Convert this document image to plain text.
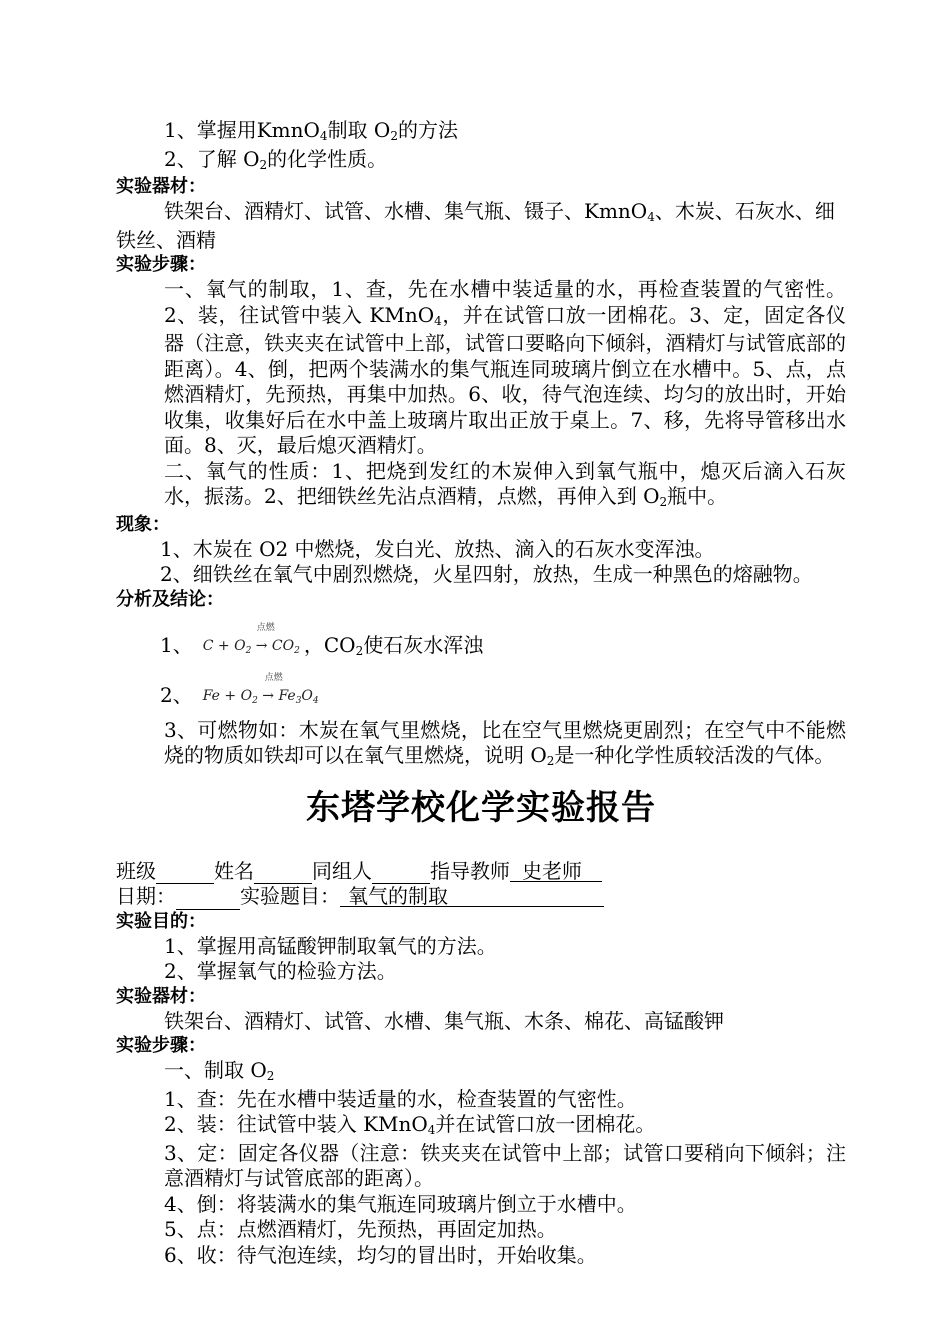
1、掌握用KmnO$_4$制取 $O_2$的方法

2、了解 $O_2$的化学性质。

实验器材：

铁架台、酒精灯、试管、水槽、集气瓶、镊子、KmnO$_4$、木炭、石灰水、细

铁丝、酒精

实验步骤：

一、氧气的制取，1、查，先在水槽中装适量的水，再检查装置的气密性。2、装，往试管中装入 KMnO$_4$，并在试管口放一团棉花。3、定，固定各仪器（注意，铁夹夹在试管中上部，试管口要略向下倾斜，酒精灯与试管底部的距离）。4、倒，把两个装满水的集气瓶连同玻璃片倒立在水槽中。5、点，点燃酒精灯，先预热，再集中加热。6、收，待气泡连续、均匀的放出时，开始收集，收集好后在水中盖上玻璃片取出正放于桌上。7、移，先将导管移出水面。8、灭，最后熄灭酒精灯。

二、氧气的性质：1、把烧到发红的木炭伸入到氧气瓶中，熄灭后滴入石灰水，振荡。2、把细铁丝先沾点酒精，点燃，再伸入到 $O_2$瓶中。

现象：

1、木炭在 O2 中燃烧，发白光、放热、滴入的石灰水变浑浊。

2、细铁丝在氧气中剧烈燃烧，火星四射，放热，生成一种黑色的熔融物。

分析及结论：

1、
点燃
$C + O_2 \to CO_2$ ，$CO_2$使石灰水浑浊
2、
点燃
$Fe + O_2 \to Fe_3O_4$

3、可燃物如：木炭在氧气里燃烧，比在空气里燃烧更剧烈；在空气中不能燃烧的物质如铁却可以在氧气里燃烧，说明 $O_2$是一种化学性质较活泼的气体。

东塔学校化学实验报告

班级	姓名	同组人	指导教师 史老师

日期：	实验题目： 氧气的制取

实验目的：

1、掌握用高锰酸钾制取氧气的方法。

2、掌握氧气的检验方法。

实验器材：

铁架台、酒精灯、试管、水槽、集气瓶、木条、棉花、高锰酸钾

实验步骤：

一、制取 $O_2$

1、查：先在水槽中装适量的水，检查装置的气密性。

2、装：往试管中装入 KMnO$_4$并在试管口放一团棉花。

3、定：固定各仪器（注意：铁夹夹在试管中上部；试管口要稍向下倾斜；注意酒精灯与试管底部的距离）。

4、倒：将装满水的集气瓶连同玻璃片倒立于水槽中。

5、点：点燃酒精灯，先预热，再固定加热。

6、收：待气泡连续，均匀的冒出时，开始收集。
